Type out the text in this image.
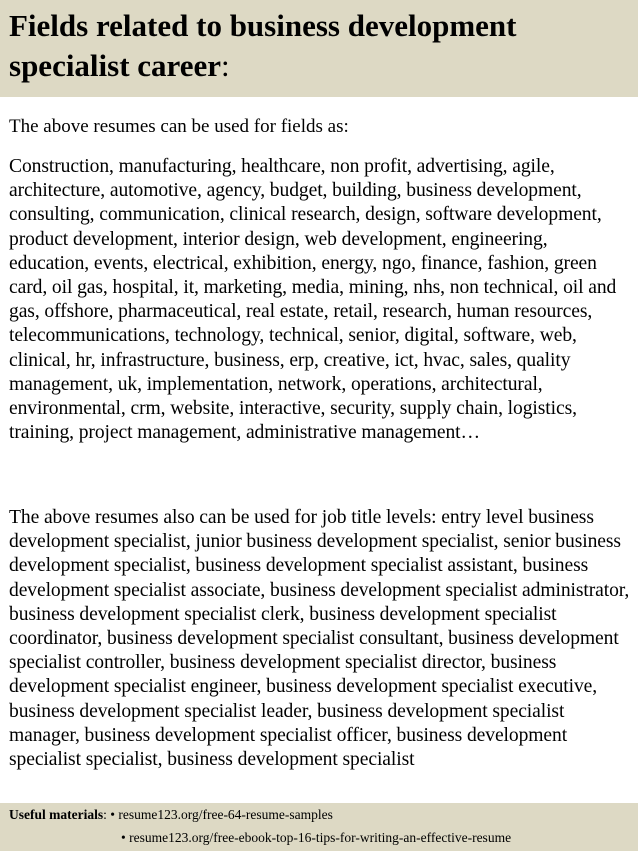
Fields related to business development specialist career:

The above resumes can be used for fields as:

Construction, manufacturing, healthcare, non profit, advertising, agile, architecture, automotive, agency, budget, building, business development, consulting, communication, clinical research, design, software development, product development, interior design, web development, engineering, education, events, electrical, exhibition, energy, ngo, finance, fashion, green card, oil gas, hospital, it, marketing, media, mining, nhs, non technical, oil and gas, offshore, pharmaceutical, real estate, retail, research, human resources, telecommunications, technology, technical, senior, digital, software, web, clinical, hr, infrastructure, business, erp, creative, ict, hvac, sales, quality management, uk, implementation, network, operations, architectural, environmental, crm, website, interactive, security, supply chain, logistics, training, project management, administrative management…

The above resumes also can be used for job title levels: entry level business development specialist, junior business development specialist, senior business development specialist, business development specialist assistant, business development specialist associate, business development specialist administrator, business development specialist clerk, business development specialist coordinator, business development specialist consultant, business development specialist controller, business development specialist director, business development specialist engineer, business development specialist executive, business development specialist leader, business development specialist manager, business development specialist officer, business development specialist specialist, business development specialist

Useful materials: • resume123.org/free-64-resume-samples
• resume123.org/free-ebook-top-16-tips-for-writing-an-effective-resume
